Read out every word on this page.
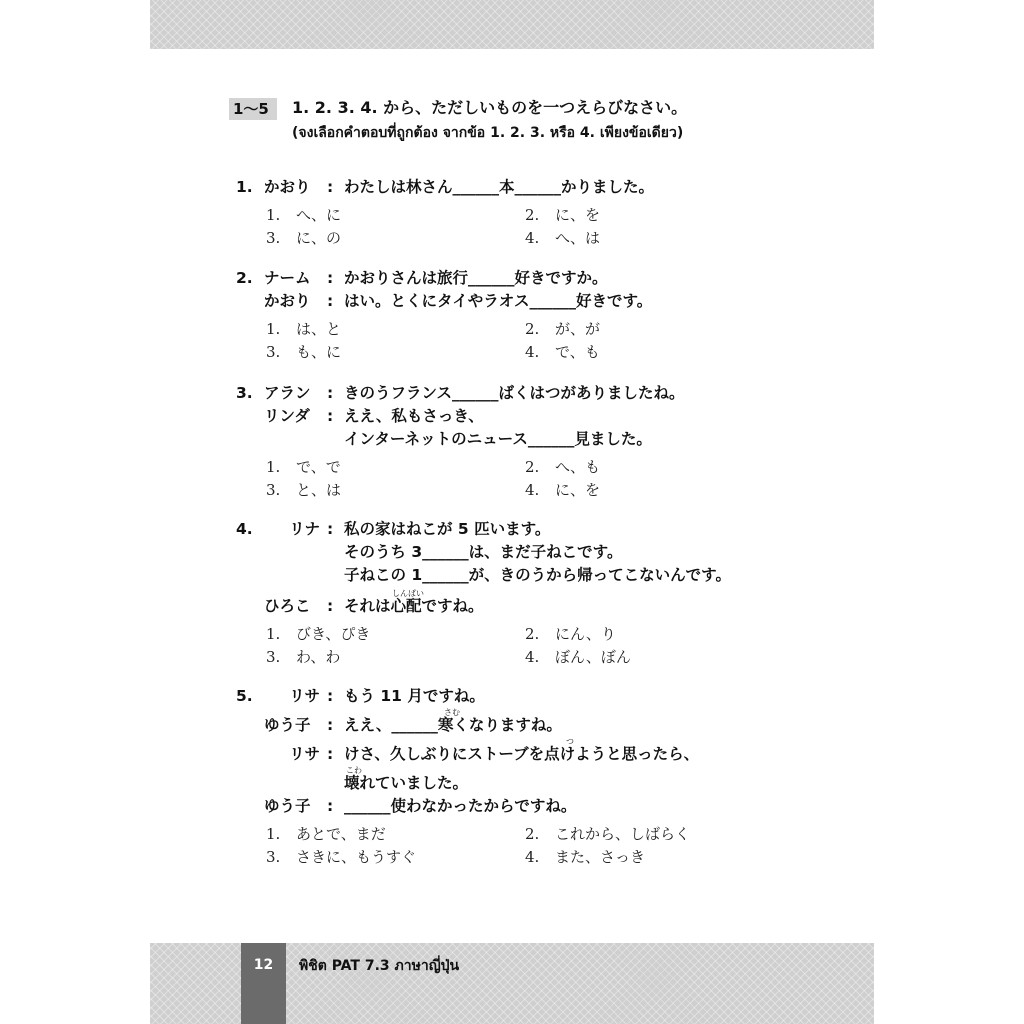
12	พิชิต PAT 7.3 ภาษาญี่ปุ่น
1〜5 1. 2. 3. 4. から、ただしいものを一つえらびなさい。
(จงเลือกคำตอบที่ถูกต้อง จากข้อ 1. 2. 3. หรือ 4. เพียงข้อเดียว)
1. かおり : わたしは林さん______本______かりました。
1. へ、に	2. に、を
3. に、の	4. へ、は
2. ナーム : かおりさんは旅行______好きですか。
かおり : はい。とくにタイやラオス______好きです。
1. は、と	2. が、が
3. も、に	4. で、も
3. アラン : きのうフランス______ばくはつがありましたね。
リンダ : ええ、私もさっき、
インターネットのニュース______見ました。
1. で、で	2. へ、も
3. と、は	4. に、を
4.	リナ : 私の家はねこが 5 匹います。
そのうち 3______は、まだ子ねこです。
子ねこの 1______が、きのうから帰ってこないんです。
ひろこ : それは心配ですね。
しんぱい
1. びき、ぴき	2. にん、り
3. わ、わ	4. ぼん、ぼん
5.	リサ : もう 11 月ですね。
ゆう子 : ええ、______寒くなりますね。
さむ
リサ : けさ、久しぶりにストーブを点けようと思ったら、
つ
壊れていました。
こわ
ゆう子 : ______使わなかったからですね。
1. あとで、まだ	2. これから、しばらく
3. さきに、もうすぐ	4. また、さっき
